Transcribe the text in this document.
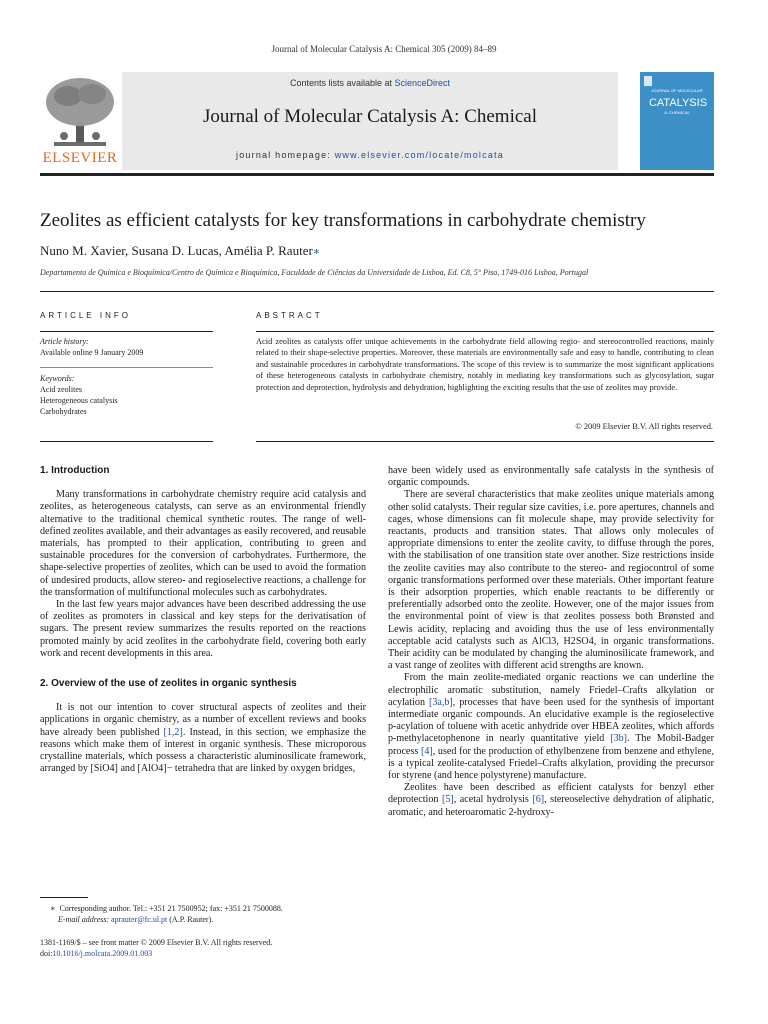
Journal of Molecular Catalysis A: Chemical 305 (2009) 84–89
ELSEVIER
Contents lists available at ScienceDirect
Journal of Molecular Catalysis A: Chemical
journal homepage: www.elsevier.com/locate/molcata
JOURNAL OF MOLECULAR
CATALYSIS
A: CHEMICAL
Zeolites as efficient catalysts for key transformations in carbohydrate chemistry
Nuno M. Xavier, Susana D. Lucas, Amélia P. Rauter∗
Departamento de Química e Bioquímica/Centro de Química e Bioquímica, Faculdade de Ciências da Universidade de Lisboa, Ed. C8, 5° Piso, 1749-016 Lisboa, Portugal
ARTICLE INFO	ABSTRACT
Article history:
Available online 9 January 2009
Keywords:
Acid zeolites
Heterogeneous catalysis
Carbohydrates
Acid zeolites as catalysts offer unique achievements in the carbohydrate field allowing regio- and stereocontrolled reactions, mainly related to their shape-selective properties. Moreover, these materials are environmentally safe and easy to handle, contributing to clean and sustainable procedures in carbohydrate transformations. The scope of this review is to summarize the most significant applications of these heterogeneous catalysts in carbohydrate chemistry, notably in mediating key transformations such as glycosylation, sugar protection and deprotection, hydrolysis and dehydration, highlighting the exciting results that the use of zeolites may provide.
© 2009 Elsevier B.V. All rights reserved.
1. Introduction

Many transformations in carbohydrate chemistry require acid catalysis and zeolites, as heterogeneous catalysts, can serve as an environmental friendly alternative to the traditional chemical synthetic routes. The range of well-defined zeolites available, and their advantages as easily recovered, and reusable materials, has prompted to their application, contributing to green and sustainable procedures for the conversion of carbohydrates. Furthermore, the shape-selective properties of zeolites, which can be used to avoid the formation of undesired products, allow stereo- and regioselective reactions, a challenge for the transformation of multifunctional molecules such as carbohydrates.

In the last few years major advances have been described addressing the use of zeolites as promoters in classical and key steps for the derivatisation of sugars. The present review summarizes the results reported on the reactions promoted mainly by acid zeolites in the carbohydrate field, covering both early work and recent developments in this area.

2. Overview of the use of zeolites in organic synthesis

It is not our intention to cover structural aspects of zeolites and their applications in organic chemistry, as a number of excellent reviews and books have already been published [1,2]. Instead, in this section, we emphasize the reasons which make them of interest in organic synthesis. These microporous crystalline materials, which possess a characteristic aluminosilicate framework, arranged by [SiO4] and [AlO4]− tetrahedra that are linked by oxygen bridges,

have been widely used as environmentally safe catalysts in the synthesis of organic compounds.

There are several characteristics that make zeolites unique materials among other solid catalysts. Their regular size cavities, i.e. pore apertures, channels and cages, whose dimensions can fit molecule shape, may provide selectivity for reactants, products and transition states. That allows only molecules of appropriate dimensions to enter the zeolite cavity, to diffuse through the pores, with the stabilisation of one transition state over another. Size restrictions inside the zeolite cavities may also contribute to the stereo- and regiocontrol of some organic transformations performed over these materials. Other important feature is their adsorption properties, which enable reactants to be differently or preferentially adsorbed onto the zeolite. However, one of the major issues from the environmental point of view is that zeolites possess both Brønsted and Lewis acidity, replacing and avoiding thus the use of less environmentally acceptable acid catalysts such as AlCl3, H2SO4, in organic transformations. Their acidity can be modulated by changing the aluminosilicate framework, and a vast range of zeolites with different acid strengths are known.

From the main zeolite-mediated organic reactions we can underline the electrophilic aromatic substitution, namely Friedel–Crafts alkylation or acylation [3a,b], processes that have been used for the synthesis of important intermediate organic compounds. An elucidative example is the regioselective p-acylation of toluene with acetic anhydride over HBEA zeolites, which affords p-methylacetophenone in nearly quantitative yield [3b]. The Mobil-Badger process [4], used for the production of ethylbenzene from benzene and ethylene, is a typical zeolite-catalysed Friedel–Crafts alkylation, providing the precursor for styrene (and hence polystyrene) manufacture.

Zeolites have been described as efficient catalysts for benzyl ether deprotection [5], acetal hydrolysis [6], stereoselective dehydration of aliphatic, aromatic, and heteroaromatic 2-hydroxy-

∗ Corresponding author. Tel.: +351 21 7500952; fax: +351 21 7500088.
E-mail address: aprauter@fc.ul.pt (A.P. Rauter).
1381-1169/$ – see front matter © 2009 Elsevier B.V. All rights reserved.
doi:10.1016/j.molcata.2009.01.003
